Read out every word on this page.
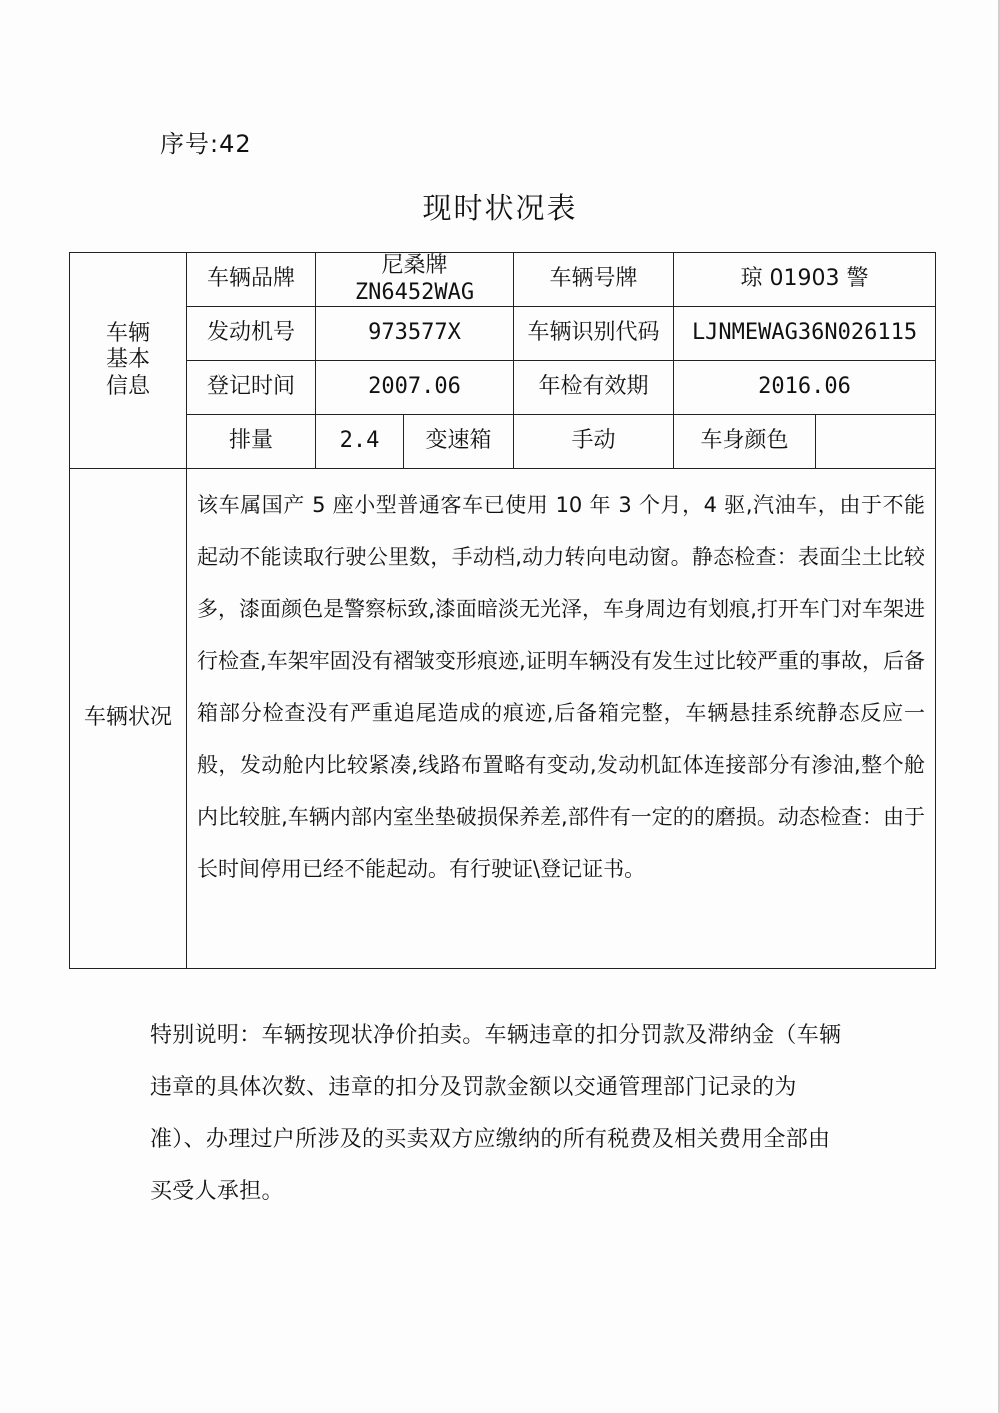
序号:42
现时状况表
车辆
基本
信息	车辆品牌	尼桑牌 ZN6452WAG		车辆号牌	琼 01903 警	
	发动机号	973577X		车辆识别代码	LJNMEWAG36N026115	
	登记时间	2007.06		年检有效期	2016.06	
	排量	2.4	变速箱	手动	车身颜色	
车辆状况	该车属国产 5 座小型普通客车已使用 10 年 3 个月，4 驱,汽油车，由于不能起动不能读取行驶公里数，手动档,动力转向电动窗。静态检查：表面尘土比较多，漆面颜色是警察标致,漆面暗淡无光泽，车身周边有划痕,打开车门对车架进行检查,车架牢固没有褶皱变形痕迹,证明车辆没有发生过比较严重的事故，后备箱部分检查没有严重追尾造成的痕迹,后备箱完整，车辆悬挂系统静态反应一般，发动舱内比较紧凑,线路布置略有变动,发动机缸体连接部分有渗油,整个舱内比较脏,车辆内部内室坐垫破损保养差,部件有一定的的磨损。动态检查：由于长时间停用已经不能起动。有行驶证\登记证书。					
特别说明：车辆按现状净价拍卖。车辆违章的扣分罚款及滞纳金（车辆违章的具体次数、违章的扣分及罚款金额以交通管理部门记录的为准）、办理过户所涉及的买卖双方应缴纳的所有税费及相关费用全部由买受人承担。
